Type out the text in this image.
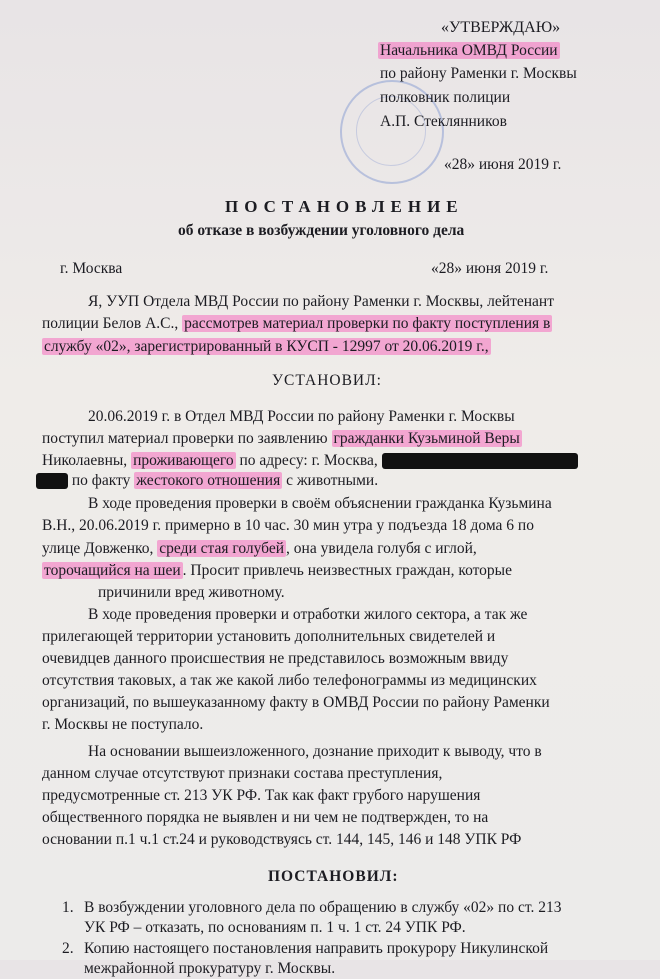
«УТВЕРЖДАЮ»
Начальника ОМВД России
по району Раменки г. Москвы
полковник полиции
А.П. Стеклянников
«28» июня 2019 г.
ПОСТАНОВЛЕНИЕ
об отказе в возбуждении уголовного дела
г. Москва	«28» июня 2019 г.
Я, УУП Отдела МВД России по району Раменки г. Москвы, лейтенант
полиции Белов А.С., рассмотрев материал проверки по факту поступления в
службу «02», зарегистрированный в КУСП - 12997 от 20.06.2019 г.,
УСТАНОВИЛ:
20.06.2019 г. в Отдел МВД России по району Раменки г. Москвы
поступил материал проверки по заявлению гражданки Кузьминой Веры
Николаевны, проживающего по адресу: г. Москва,
по факту жестокого отношения с животными.
В ходе проведения проверки в своём объяснении гражданка Кузьмина
В.Н., 20.06.2019 г. примерно в 10 час. 30 мин утра у подъезда 18 дома 6 по
улице Довженко, среди стая голубей , она увидела голубя с иглой,
торочащийся на шеи . Просит привлечь неизвестных граждан, которые
причинили вред животному.
В ходе проведения проверки и отработки жилого сектора, а так же
прилегающей территории установить дополнительных свидетелей и
очевидцев данного происшествия не представилось возможным ввиду
отсутствия таковых, а так же какой либо телефонограммы из медицинских
организаций, по вышеуказанному факту в ОМВД России по району Раменки
г. Москвы не поступало.
На основании вышеизложенного, дознание приходит к выводу, что в
данном случае отсутствуют признаки состава преступления,
предусмотренные ст. 213 УК РФ. Так как факт грубого нарушения
общественного порядка не выявлен и ни чем не подтвержден, то на
основании п.1 ч.1 ст.24 и руководствуясь ст. 144, 145, 146 и 148 УПК РФ
ПОСТАНОВИЛ:
1. В возбуждении уголовного дела по обращению в службу «02» по ст. 213
УК РФ – отказать, по основаниям п. 1 ч. 1 ст. 24 УПК РФ.
2. Копию настоящего постановления направить прокурору Никулинской
межрайонной прокуратуру г. Москвы.
